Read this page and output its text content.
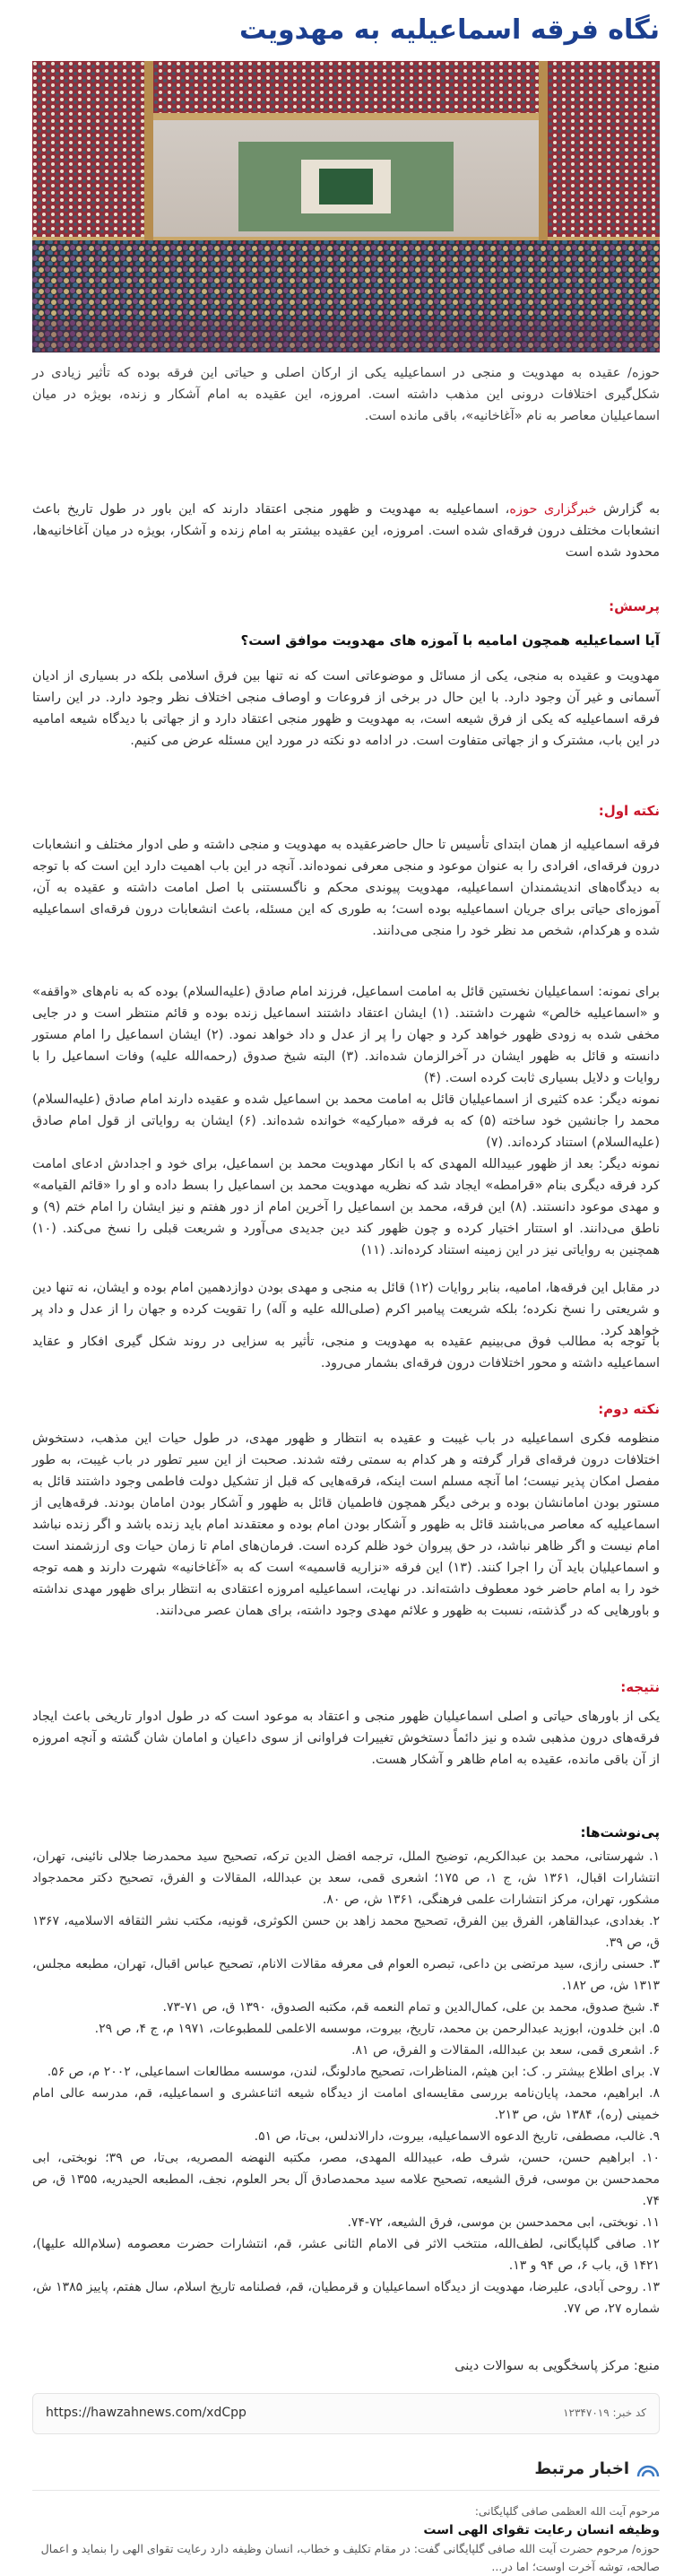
نگاه فرقه اسماعیلیه به مهدویت

حوزه/ عقیده به مهدویت و منجی در اسماعیلیه یکی از ارکان اصلی و حیاتی این فرقه بوده که تأثیر زیادی در شکل‌گیری اختلافات درونی این مذهب داشته است. امروزه، این عقیده به امام آشکار و زنده، بویژه در میان اسماعیلیان معاصر به نام «آغاخانیه»، باقی مانده است.

به گزارش خبرگزاری حوزه، اسماعیلیه به مهدویت و ظهور منجی اعتقاد دارند که این باور در طول تاریخ باعث انشعابات مختلف درون فرقه‌ای شده است. امروزه، این عقیده بیشتر به امام زنده و آشکار، بویژه در میان آغاخانیه‌ها، محدود شده است

پرسش:
آیا اسماعیلیه همچون امامیه با آموزه های مهدویت موافق است؟

مهدویت و عقیده به منجی، یکی از مسائل و موضوعاتی است که نه تنها بین فرق اسلامی بلکه در بسیاری از ادیان آسمانی و غیر آن وجود دارد. با این حال در برخی از فروعات و اوصاف منجی اختلاف نظر وجود دارد. در این راستا فرقه اسماعیلیه که یکی از فرق شیعه است، به مهدویت و ظهور منجی اعتقاد دارد و از جهاتی با دیدگاه شیعه امامیه در این باب، مشترک و از جهاتی متفاوت است. در ادامه دو نکته در مورد این مسئله عرض می کنیم.

نکته اول:

فرقه اسماعیلیه از همان ابتدای تأسیس تا حال حاضرعقیده به مهدویت و منجی داشته و طی ادوار مختلف و انشعابات درون فرقه‌ای، افرادی را به عنوان موعود و منجی معرفی نموده‌اند. آنچه در این باب اهمیت دارد این است که با توجه به دیدگاه‌های اندیشمندان اسماعیلیه، مهدویت پیوندی محکم و ناگسستنی با اصل امامت داشته و عقیده به آن، آموزه‌ای حیاتی برای جریان اسماعیلیه بوده است؛ به طوری که این مسئله، باعث انشعابات درون فرقه‌ای اسماعیلیه شده و هرکدام، شخص مد نظر خود را منجی می‌دانند.

برای نمونه: اسماعیلیان نخستین قائل به امامت اسماعیل، فرزند امام صادق (علیه‌السلام) بوده که به نام‌های «واقفه» و «اسماعیلیه خالص» شهرت داشتند. (۱) ایشان اعتقاد داشتند اسماعیل زنده بوده و قائم منتظر است و در جایی مخفی شده به زودی ظهور خواهد کرد و جهان را پر از عدل و داد خواهد نمود. (۲) ایشان اسماعیل را امام مستور دانسته و قائل به ظهور ایشان در آخرالزمان شده‌اند. (۳) البته شیخ صدوق (رحمه‌الله علیه) وفات اسماعیل را با روایات و دلایل بسیاری ثابت کرده است. (۴)

نمونه دیگر: عده کثیری از اسماعیلیان قائل به امامت محمد بن اسماعیل شده و عقیده دارند امام صادق (علیه‌السلام) محمد را جانشین خود ساخته (۵) که به فرقه «مبارکیه» خوانده شده‌اند. (۶) ایشان به روایاتی از قول امام صادق (علیه‌السلام) استناد کرده‌اند. (۷)

نمونه دیگر: بعد از ظهور عبیدالله المهدی که با انکار مهدویت محمد بن اسماعیل، برای خود و اجدادش ادعای امامت کرد فرقه دیگری بنام «قرامطه» ایجاد شد که نظریه مهدویت محمد بن اسماعیل را بسط داده و او را «قائم القیامه» و مهدی موعود دانستند. (۸) این فرقه، محمد بن اسماعیل را آخرین امام از دور هفتم و نیز ایشان را امام ختم (۹) و ناطق می‌دانند. او استتار اختیار کرده و چون ظهور کند دین جدیدی می‌آورد و شریعت قبلی را نسخ می‌کند. (۱۰) همچنین به روایاتی نیز در این زمینه استناد کرده‌اند. (۱۱)

در مقابل این فرقه‌ها، امامیه، بنابر روایات (۱۲) قائل به منجی و مهدی بودن دوازدهمین امام بوده و ایشان، نه تنها دین و شریعتی را نسخ نکرده؛ بلکه شریعت پیامبر اکرم (صلی‌الله علیه و آله) را تقویت کرده و جهان را از عدل و داد پر خواهد کرد.

با توجه به مطالب فوق می‌بینیم عقیده به مهدویت و منجی، تأثیر به سزایی در روند شکل گیری افکار و عقاید اسماعیلیه داشته و محور اختلافات درون فرقه‌ای بشمار می‌رود.

نکته دوم:

منظومه فکری اسماعیلیه در باب غیبت و عقیده به انتظار و ظهور مهدی، در طول حیات این مذهب، دستخوش اختلافات درون فرقه‌ای قرار گرفته و هر کدام به سمتی رفته شدند. صحبت از این سیر تطور در باب غیبت، به طور مفصل امکان پذیر نیست؛ اما آنچه مسلم است اینکه، فرقه‌هایی که قبل از تشکیل دولت فاطمی وجود داشتند قائل به مستور بودن امامانشان بوده و برخی دیگر همچون فاطمیان قائل به ظهور و آشکار بودن امامان بودند. فرقه‌هایی از اسماعیلیه که معاصر می‌باشند قائل به ظهور و آشکار بودن امام بوده و معتقدند امام باید زنده باشد و اگر زنده نباشد امام نیست و اگر ظاهر نباشد، در حق پیروان خود ظلم کرده است. فرمان‌های امام تا زمان حیات وی ارزشمند است و اسماعیلیان باید آن را اجرا کنند. (۱۳) این فرقه «نزاریه قاسمیه» است که به «آغاخانیه» شهرت دارند و همه توجه خود را به امام حاضر خود معطوف داشته‌اند. در نهایت، اسماعیلیه امروزه اعتقادی به انتظار برای ظهور مهدی نداشته و باورهایی که در گذشته، نسبت به ظهور و علائم مهدی وجود داشته، برای همان عصر می‌دانند.

نتیجه:

یکی از باورهای حیاتی و اصلی اسماعیلیان ظهور منجی و اعتقاد به موعود است که در طول ادوار تاریخی باعث ایجاد فرقه‌های درون مذهبی شده و نیز دائماً دستخوش تغییرات فراوانی از سوی داعیان و امامان شان گشته و آنچه امروزه از آن باقی مانده، عقیده به امام ظاهر و آشکار هست.

پی‌نوشت‌ها:

۱. شهرستانی، محمد بن عبدالکریم، توضیح الملل، ترجمه افضل الدین ترکه، تصحیح سید محمدرضا جلالی نائینی، تهران، انتشارات اقبال، ۱۳۶۱ ش، ج ۱، ص ۱۷۵؛ اشعری قمی، سعد بن عبدالله، المقالات و الفرق، تصحیح دکتر محمدجواد مشکور، تهران، مرکز انتشارات علمی فرهنگی، ۱۳۶۱ ش، ص ۸۰.
۲. بغدادی، عبدالقاهر، الفرق بین الفرق، تصحیح محمد زاهد بن حسن الکوثری، قونیه، مکتب نشر الثقافه الاسلامیه، ۱۳۶۷ ق، ص ۳۹.
۳. حسنی رازی، سید مرتضی بن داعی، تبصره العوام فی معرفه مقالات الانام، تصحیح عباس اقبال، تهران، مطبعه مجلس، ۱۳۱۳ ش، ص ۱۸۲.
۴. شیخ صدوق، محمد بن علی، کمال‌الدین و تمام النعمه قم، مکتبه الصدوق، ۱۳۹۰ ق، ص ۷۱-۷۳.
۵. ابن خلدون، ابوزید عبدالرحمن بن محمد، تاریخ، بیروت، موسسه الاعلمی للمطبوعات، ۱۹۷۱ م، ج ۴، ص ۲۹.
۶. اشعری قمی، سعد بن عبدالله، المقالات و الفرق، ص ۸۱.
۷. برای اطلاع بیشتر ر. ک: ابن هیثم، المناظرات، تصحیح مادلونگ، لندن، موسسه مطالعات اسماعیلی، ۲۰۰۲ م، ص ۵۶.
۸. ابراهیم، محمد، پایان‌نامه بررسی مقایسه‌ای امامت از دیدگاه شیعه اثناعشری و اسماعیلیه، قم، مدرسه عالی امام خمینی (ره)، ۱۳۸۴ ش، ص ۲۱۳.
۹. غالب، مصطفی، تاریخ الدعوه الاسماعیلیه، بیروت، دارالاندلس، بی‌تا، ص ۵۱.
۱۰. ابراهیم حسن، حسن، شرف طه، عبیدالله المهدی، مصر، مکتبه النهضه المصریه، بی‌تا، ص ۳۹؛ نوبختی، ابی محمدحسن بن موسی، فرق الشیعه، تصحیح علامه سید محمدصادق آل بحر العلوم، نجف، المطبعه الحیدریه، ۱۳۵۵ ق، ص ۷۴.
۱۱. نوبختی، ابی محمدحسن بن موسی، فرق الشیعه، ۷۲-۷۴.
۱۲. صافی گلپایگانی، لطف‌الله، منتخب الاثر فی الامام الثانی عشر، قم، انتشارات حضرت معصومه (سلام‌الله علیها)، ۱۴۲۱ ق، باب ۶، ص ۹۴ و ۱۳.
۱۳. روحی آبادی، علیرضا، مهدویت از دیدگاه اسماعیلیان و قرمطیان، قم، فصلنامه تاریخ اسلام، سال هفتم، پاییز ۱۳۸۵ ش، شماره ۲۷، ص ۷۷.
منبع: مرکز پاسخگویی به سوالات دینی
کد خبر: ۱۲۳۴۷۰۱۹
https://hawzahnews.com/xdCpp
اخبار مرتبط
مرحوم آیت الله العظمی صافی گلپایگانی:
وظیفه انسان رعایت تقوای الهی است
حوزه/ مرحوم حضرت آیت الله صافی گلپایگانی گفت: در مقام تکلیف و خطاب، انسان وظیفه دارد رعایت تقوای الهی را بنماید و اعمال صالحه، توشه آخرت اوست؛ اما در...
